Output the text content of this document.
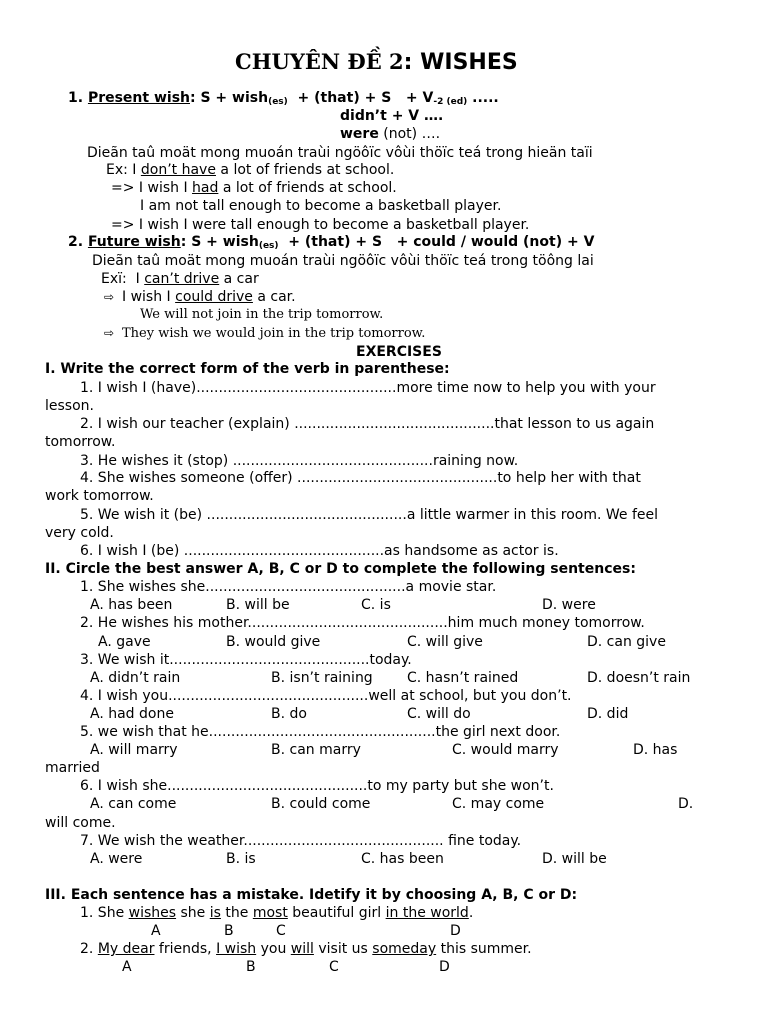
CHUYÊN ĐỀ 2: WISHES
1. Present wish: S + wish$_{(es)}$  + (that) + $S + V_{-2 (ed)}$ .....
didn’t + V ….
were (not) ….
Dieãn taû moät mong muoán traùi ngöôïc vôùi thöïc teá trong hieän taïi
Ex: I don’t have a lot of friends at school.
=> I wish I had a lot of friends at school.
I am not tall enough to become a basketball player.
=> I wish I were tall enough to become a basketball player.
2. Future wish: S + wish$_{(es)}$  + (that) + S   + could / would (not) + V
Dieãn taû moät mong muoán traùi ngöôïc vôùi thöïc teá trong töông lai
Exï:  I can’t drive a car
⇨ I wish I could drive a car.
We will not join in the trip tomorrow.
⇨ They wish we would join in the trip tomorrow.
EXERCISES
I. Write the correct form of the verb in parenthese:
1. I wish I (have).............................................more time now to help you with your
lesson.
2. I wish our teacher (explain) .............................................that lesson to us again
tomorrow.
3. He wishes it (stop) .............................................raining now.
4. She wishes someone (offer) .............................................to help her with that
work tomorrow.
5. We wish it (be) .............................................a little warmer in this room. We feel
very cold.
6. I wish I (be) .............................................as handsome as actor is.
II. Circle the best answer A, B, C or D to complete the following sentences:
1. She wishes she.............................................a movie star.
A. has been	B. will be	C. is	D. were
2. He wishes his mother.............................................him much money tomorrow.
A. gave	B. would give	C. will give	D. can give
3. We wish it.............................................today.
A. didn’t rain	B. isn’t raining C. hasn’t rained	D. doesn’t rain
4. I wish you.............................................well at school, but you don’t.
A. had done	B. do	C. will do	D. did
5. we wish that he...................................................the girl next door.
A. will marry	B. can marry	C. would marry	D. has
married
6. I wish she.............................................to my party but she won’t.
A. can come	B. could come	C. may come	D.
will come.
7. We wish the weather............................................. fine today.
A. were	B. is	C. has been	D. will be
III. Each sentence has a mistake. Idetify it by choosing A, B, C or D:
1. She wishes she is the most beautiful girl in the world.
A	B	C	D
2. My dear friends, I wish you will visit us someday this summer.
A	B	C	D
